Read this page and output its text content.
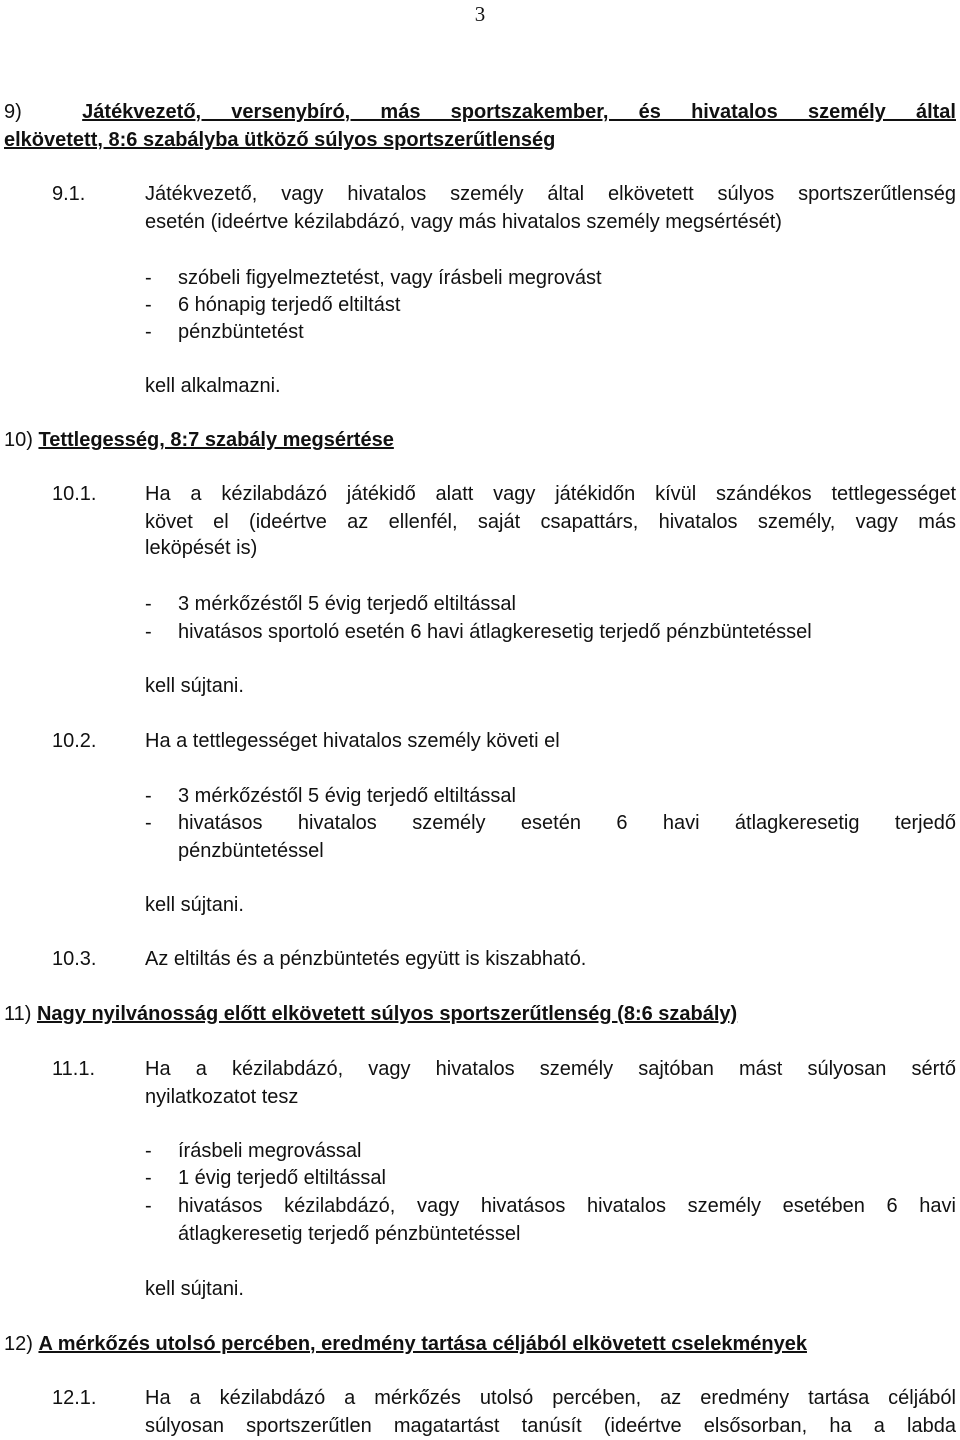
3
9)	Játékvezető, versenybíró, más sportszakember, és hivatalos személy által
elkövetett, 8:6 szabályba ütköző súlyos sportszerűtlenség
9.1.	Játékvezető, vagy hivatalos személy által elkövetett súlyos sportszerűtlenség
esetén (ideértve kézilabdázó, vagy más hivatalos személy megsértését)
-	szóbeli figyelmeztetést, vagy írásbeli megrovást
-	6 hónapig terjedő eltiltást
-	pénzbüntetést
kell alkalmazni.
10) Tettlegesség, 8:7 szabály megsértése
10.1.	Ha a kézilabdázó játékidő alatt vagy játékidőn kívül szándékos tettlegességet
követ el (ideértve az ellenfél, saját csapattárs, hivatalos személy, vagy más
leköpését is)
-	3 mérkőzéstől 5 évig terjedő eltiltással
-	hivatásos sportoló esetén 6 havi átlagkeresetig terjedő pénzbüntetéssel
kell sújtani.
10.2.	Ha a tettlegességet hivatalos személy követi el
-	3 mérkőzéstől 5 évig terjedő eltiltással
-	hivatásos hivatalos személy esetén 6 havi átlagkeresetig terjedő
pénzbüntetéssel
kell sújtani.
10.3.	Az eltiltás és a pénzbüntetés együtt is kiszabható.
11) Nagy nyilvánosság előtt elkövetett súlyos sportszerűtlenség (8:6 szabály)
11.1.	Ha a kézilabdázó, vagy hivatalos személy sajtóban mást súlyosan sértő
nyilatkozatot tesz
-	írásbeli megrovással
-	1 évig terjedő eltiltással
-	hivatásos kézilabdázó, vagy hivatásos hivatalos személy esetében 6 havi
átlagkeresetig terjedő pénzbüntetéssel
kell sújtani.
12) A mérkőzés utolsó percében, eredmény tartása céljából elkövetett cselekmények
12.1.	Ha a kézilabdázó a mérkőzés utolsó percében, az eredmény tartása céljából
súlyosan sportszerűtlen magatartást tanúsít (ideértve elsősorban, ha a labda
